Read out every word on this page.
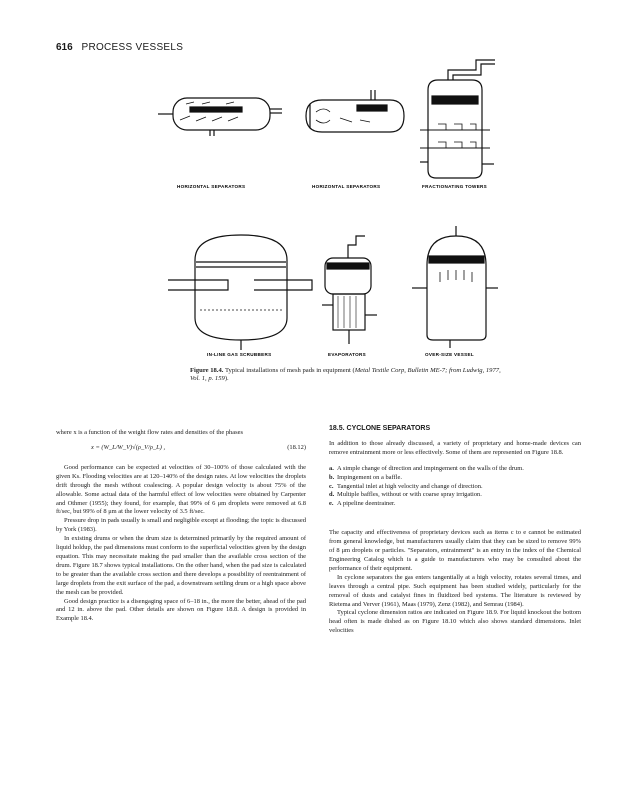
616 PROCESS VESSELS
HORIZONTAL SEPARATORS	HORIZONTAL SEPARATORS	FRACTIONATING TOWERS
IN-LINE GAS SCRUBBERS	EVAPORATORS	OVER-SIZE VESSEL
Figure 18.4. Typical installations of mesh pads in equipment (Metal Textile Corp, Bulletin ME-7; from Ludwig, 1977, Vol. 1, p. 159).

where x is a function of the weight flow rates and densities of the phases

x = (W_L/W_V)√(ρ_V/ρ_L) ,	(18.12)

Good performance can be expected at velocities of 30–100% of those calculated with the given Ks. Flooding velocities are at 120–140% of the design rates. At low velocities the droplets drift through the mesh without coalescing. A popular design velocity is about 75% of the allowable. Some actual data of the harmful effect of low velocities were obtained by Carpenter and Othmer (1955); they found, for example, that 99% of 6 μm droplets were removed at 6.8 ft/sec, but 99% of 8 μm at the lower velocity of 3.5 ft/sec.

Pressure drop in pads usually is small and negligible except at flooding; the topic is discussed by York (1983).

In existing drums or when the drum size is determined primarily by the required amount of liquid holdup, the pad dimensions must conform to the superficial velocities given by the design equation. This may necessitate making the pad smaller than the available cross section of the drum. Figure 18.7 shows typical installations. On the other hand, when the pad size is calculated to be greater than the available cross section and there develops a possibility of reentrainment of large droplets from the exit surface of the pad, a downstream settling drum or a high space above the mesh can be provided.

Good design practice is a disengaging space of 6–18 in., the more the better, ahead of the pad and 12 in. above the pad. Other details are shown on Figure 18.8. A design is provided in Example 18.4.

18.5. CYCLONE SEPARATORS

In addition to those already discussed, a variety of proprietary and home-made devices can remove entrainment more or less effectively. Some of them are represented on Figure 18.8.

a. A simple change of direction and impingement on the walls of the drum.
b. Impingement on a baffle.
c. Tangential inlet at high velocity and change of direction.
d. Multiple baffles, without or with coarse spray irrigation.
e. A pipeline deentrainer.

The capacity and effectiveness of proprietary devices such as items c to e cannot be estimated from general knowledge, but manufacturers usually claim that they can be sized to remove 99% of 8 μm droplets or particles. "Separators, entrainment" is an entry in the index of the Chemical Engineering Catalog which is a guide to manufacturers who may be consulted about the performance of their equipment.

In cyclone separators the gas enters tangentially at a high velocity, rotates several times, and leaves through a central pipe. Such equipment has been studied widely, particularly for the removal of dusts and catalyst fines in fluidized bed systems. The literature is reviewed by Rietema and Verver (1961), Maas (1979), Zenz (1982), and Semrau (1984).

Typical cyclone dimension ratios are indicated on Figure 18.9. For liquid knockout the bottom head often is made dished as on Figure 18.10 which also shows standard dimensions. Inlet velocities
